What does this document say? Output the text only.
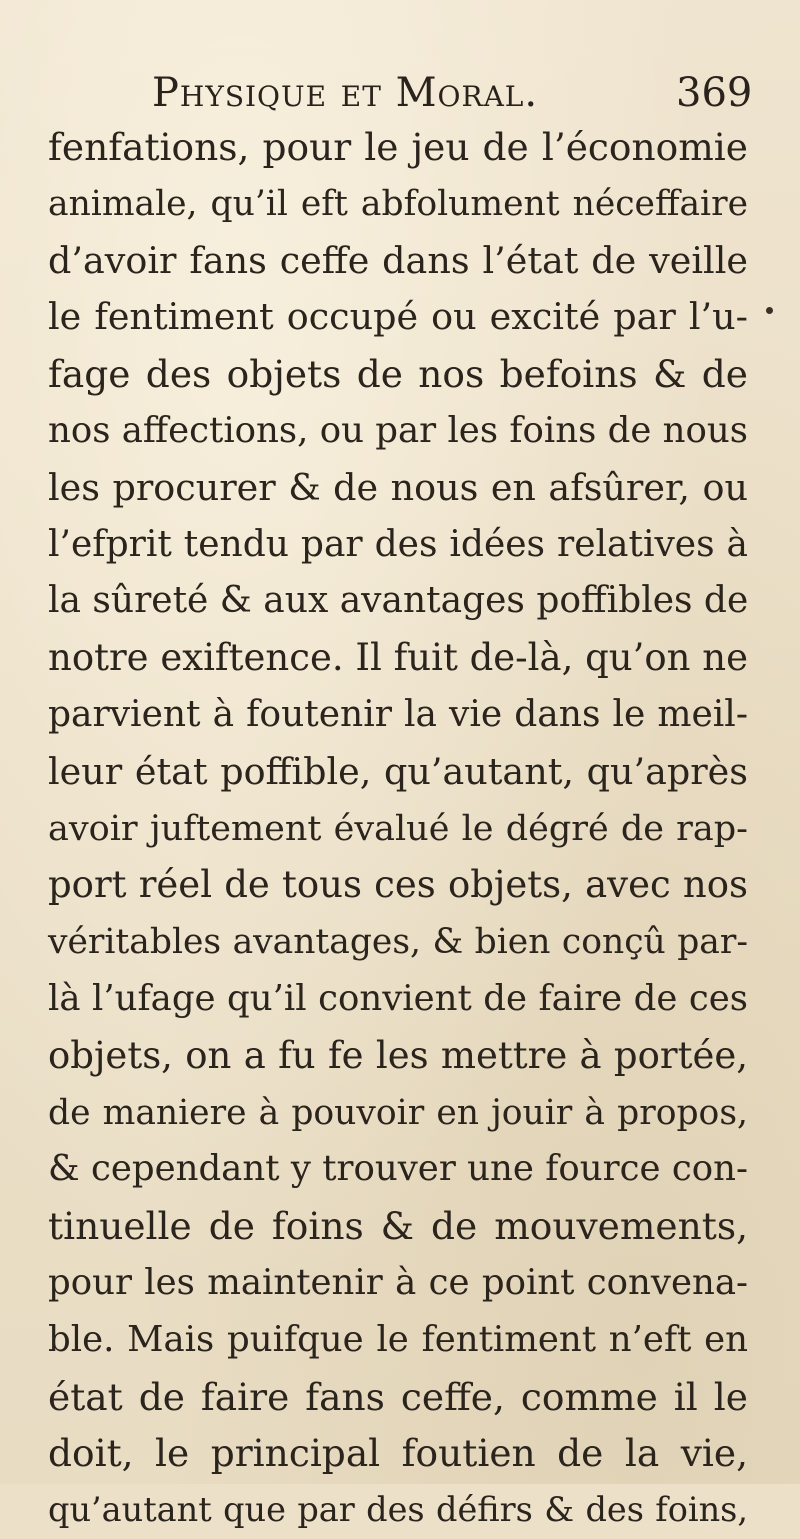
Physique et Moral.	369
fenfations, pour le jeu de l’économie
animale, qu’il eft abfolument néceffaire
d’avoir fans ceffe dans l’état de veille
le fentiment occupé ou excité par l’u-
fage des objets de nos befoins & de
nos affections, ou par les foins de nous
les procurer & de nous en afsûrer, ou
l’efprit tendu par des idées relatives à
la sûreté & aux avantages poffibles de
notre exiftence. Il fuit de-là, qu’on ne
parvient à foutenir la vie dans le meil-
leur état poffible, qu’autant, qu’après
avoir juftement évalué le dégré de rap-
port réel de tous ces objets, avec nos
véritables avantages, & bien conçû par-
là l’ufage qu’il convient de faire de ces
objets, on a fu fe les mettre à portée,
de maniere à pouvoir en jouir à propos,
& cependant y trouver une fource con-
tinuelle de foins & de mouvements,
pour les maintenir à ce point convena-
ble. Mais puifque le fentiment n’eft en
état de faire fans ceffe, comme il le
doit, le principal foutien de la vie,
qu’autant que par des défirs & des foins,
